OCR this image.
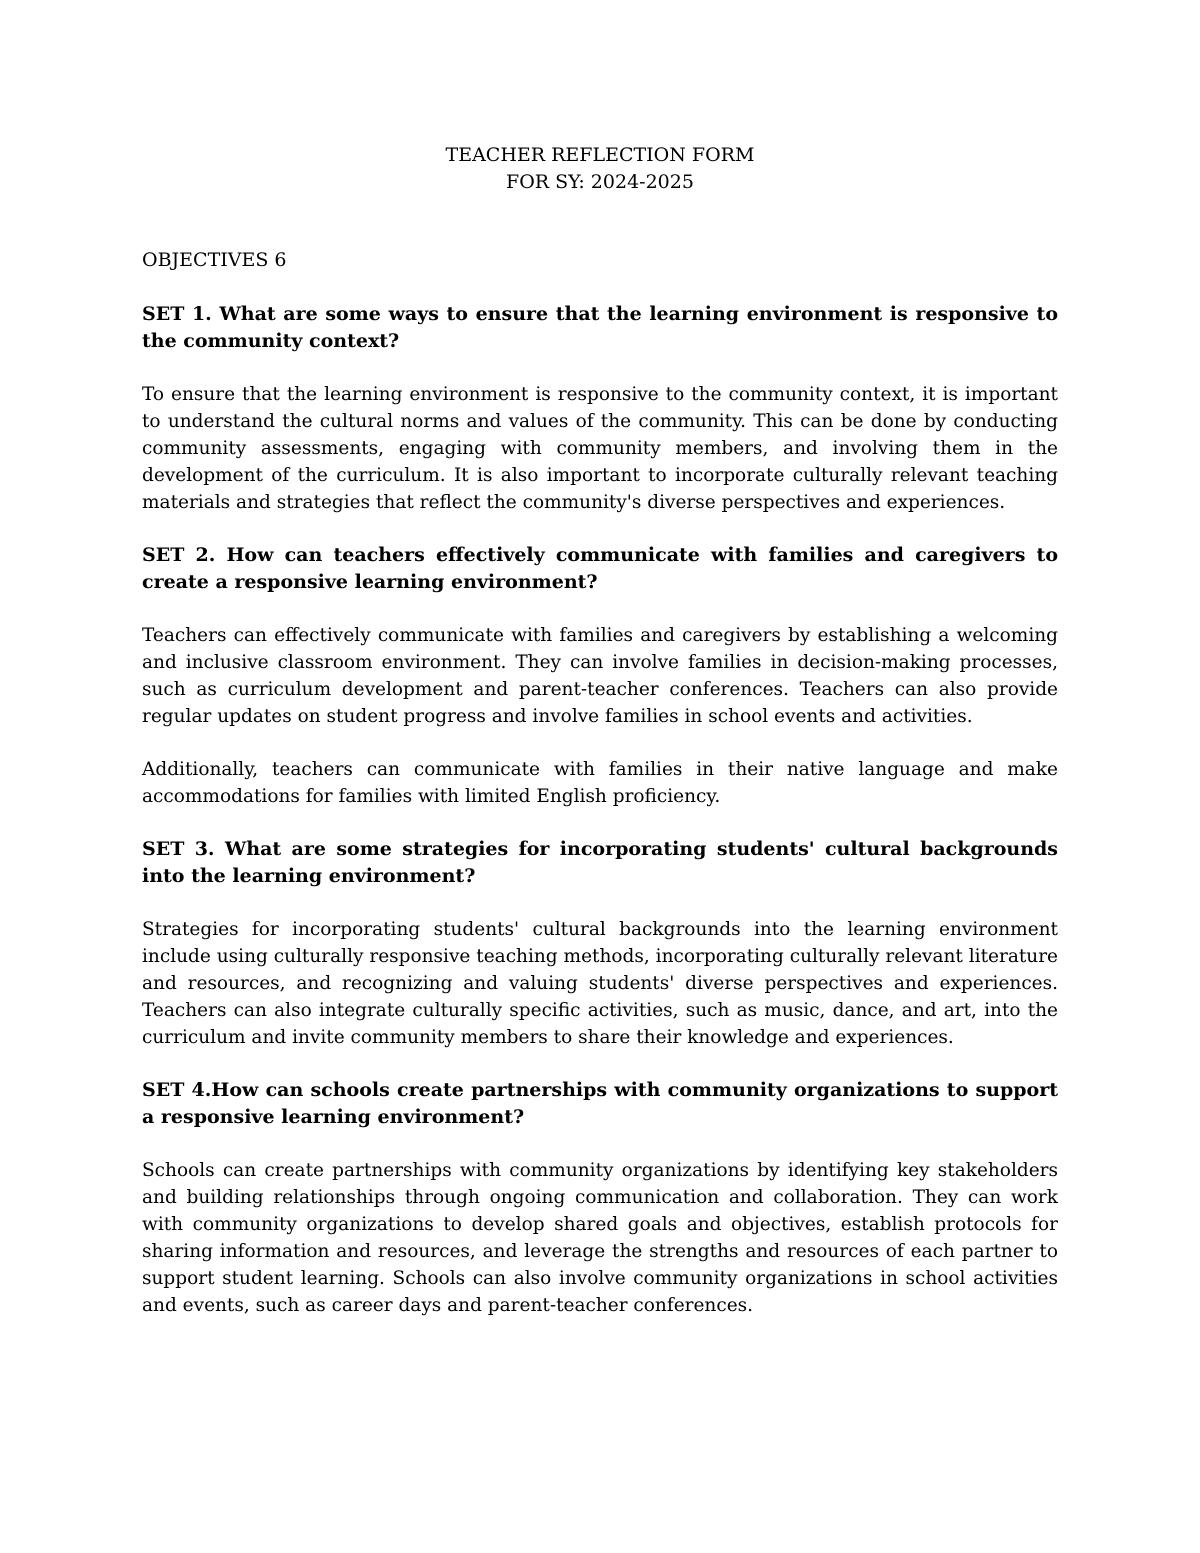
TEACHER REFLECTION FORM

FOR SY: 2024-2025

OBJECTIVES 6

SET 1. What are some ways to ensure that the learning environment is responsive to the community context?

To ensure that the learning environment is responsive to the community context, it is important to understand the cultural norms and values of the community. This can be done by conducting community assessments, engaging with community members, and involving them in the development of the curriculum. It is also important to incorporate culturally relevant teaching materials and strategies that reflect the community's diverse perspectives and experiences.

SET 2. How can teachers effectively communicate with families and caregivers to create a responsive learning environment?

Teachers can effectively communicate with families and caregivers by establishing a welcoming and inclusive classroom environment. They can involve families in decision-making processes, such as curriculum development and parent-teacher conferences. Teachers can also provide regular updates on student progress and involve families in school events and activities.

Additionally, teachers can communicate with families in their native language and make accommodations for families with limited English proficiency.

SET 3. What are some strategies for incorporating students' cultural backgrounds into the learning environment?

Strategies for incorporating students' cultural backgrounds into the learning environment include using culturally responsive teaching methods, incorporating culturally relevant literature and resources, and recognizing and valuing students' diverse perspectives and experiences. Teachers can also integrate culturally specific activities, such as music, dance, and art, into the curriculum and invite community members to share their knowledge and experiences.

SET 4.How can schools create partnerships with community organizations to support a responsive learning environment?

Schools can create partnerships with community organizations by identifying key stakeholders and building relationships through ongoing communication and collaboration. They can work with community organizations to develop shared goals and objectives, establish protocols for sharing information and resources, and leverage the strengths and resources of each partner to support student learning. Schools can also involve community organizations in school activities and events, such as career days and parent-teacher conferences.
